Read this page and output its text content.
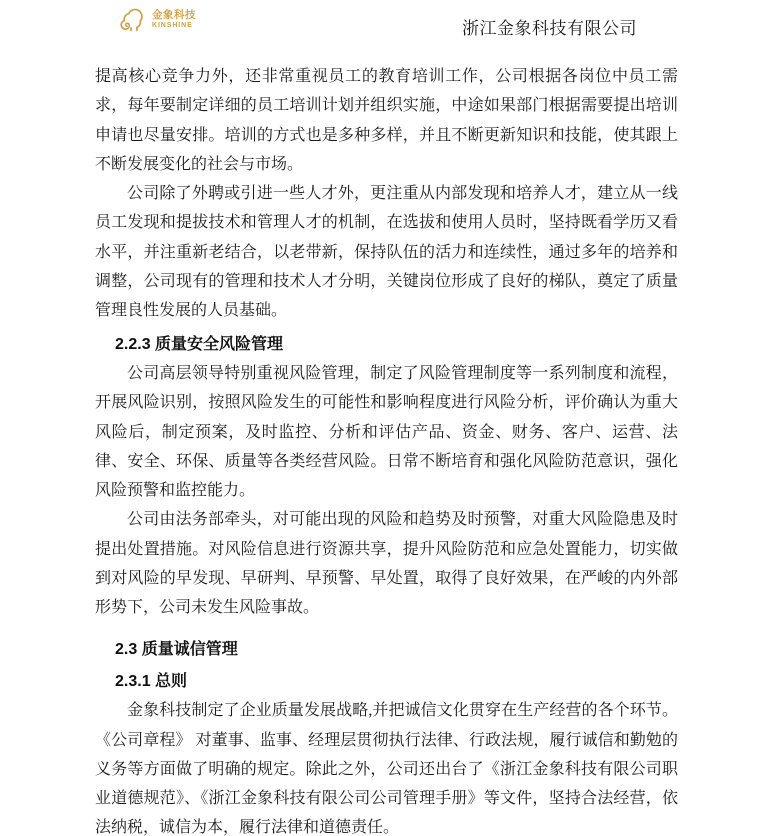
金象科技
KINSHINE	浙江金象科技有限公司

提高核心竞争力外，还非常重视员工的教育培训工作，公司根据各岗位中员工需求，每年要制定详细的员工培训计划并组织实施，中途如果部门根据需要提出培训申请也尽量安排。培训的方式也是多种多样，并且不断更新知识和技能，使其跟上不断发展变化的社会与市场。

公司除了外聘或引进一些人才外，更注重从内部发现和培养人才，建立从一线员工发现和提拔技术和管理人才的机制，在选拔和使用人员时，坚持既看学历又看水平，并注重新老结合，以老带新，保持队伍的活力和连续性，通过多年的培养和调整，公司现有的管理和技术人才分明，关键岗位形成了良好的梯队，奠定了质量管理良性发展的人员基础。

2.2.3 质量安全风险管理

公司高层领导特别重视风险管理，制定了风险管理制度等一系列制度和流程，开展风险识别，按照风险发生的可能性和影响程度进行风险分析，评价确认为重大风险后，制定预案，及时监控、分析和评估产品、资金、财务、客户、运营、法律、安全、环保、质量等各类经营风险。日常不断培育和强化风险防范意识，强化风险预警和监控能力。

公司由法务部牵头，对可能出现的风险和趋势及时预警，对重大风险隐患及时提出处置措施。对风险信息进行资源共享，提升风险防范和应急处置能力，切实做到对风险的早发现、早研判、早预警、早处置，取得了良好效果，在严峻的内外部形势下，公司未发生风险事故。

2.3 质量诚信管理
2.3.1 总则

金象科技制定了企业质量发展战略,并把诚信文化贯穿在生产经营的各个环节。《公司章程》 对董事、监事、经理层贯彻执行法律、行政法规，履行诚信和勤勉的义务等方面做了明确的规定。除此之外，公司还出台了《浙江金象科技有限公司职业道德规范》、《浙江金象科技有限公司公司管理手册》等文件，坚持合法经营，依法纳税，诚信为本，履行法律和道德责任。
